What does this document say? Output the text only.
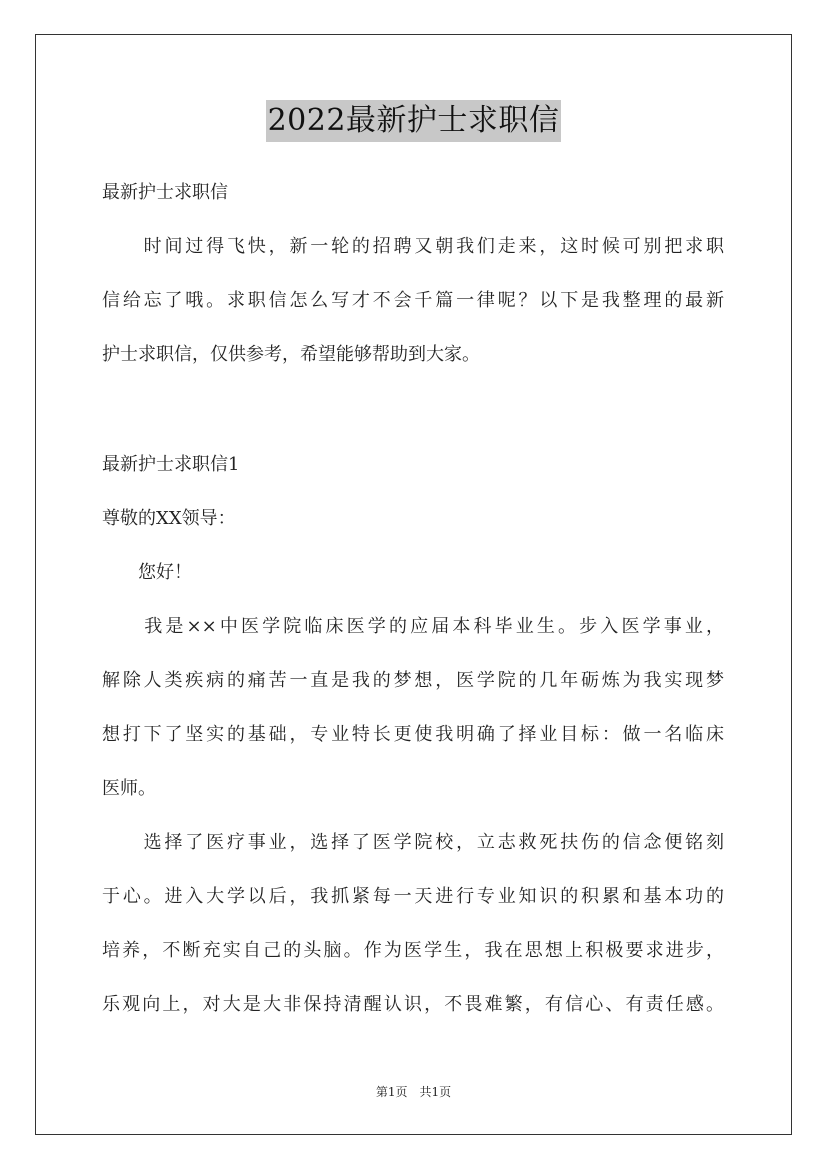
2022最新护士求职信
最新护士求职信
　　时间过得飞快，新一轮的招聘又朝我们走来，这时候可别把求职
信给忘了哦。求职信怎么写才不会千篇一律呢？以下是我整理的最新
护士求职信，仅供参考，希望能够帮助到大家。
最新护士求职信1
尊敬的XX领导：
　　您好！
　　我是××中医学院临床医学的应届本科毕业生。步入医学事业，
解除人类疾病的痛苦一直是我的梦想，医学院的几年砺炼为我实现梦
想打下了坚实的基础，专业特长更使我明确了择业目标：做一名临床
医师。
　　选择了医疗事业，选择了医学院校，立志救死扶伤的信念便铭刻
于心。进入大学以后，我抓紧每一天进行专业知识的积累和基本功的
培养，不断充实自己的头脑。作为医学生，我在思想上积极要求进步，
乐观向上，对大是大非保持清醒认识，不畏难繁，有信心、有责任感。
第1页　共1页
